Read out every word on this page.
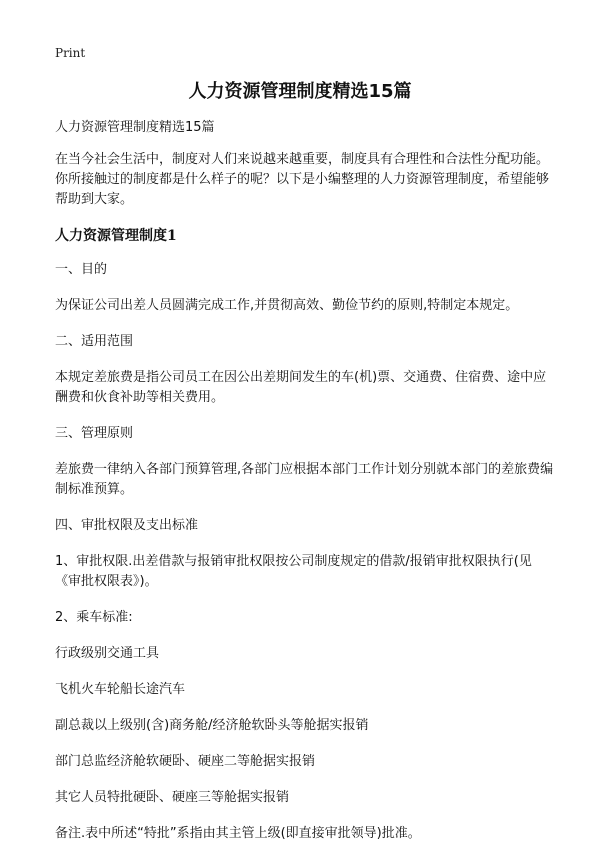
Print
人力资源管理制度精选15篇

人力资源管理制度精选15篇

在当今社会生活中，制度对人们来说越来越重要，制度具有合理性和合法性分配功能。你所接触过的制度都是什么样子的呢？以下是小编整理的人力资源管理制度，希望能够帮助到大家。

人力资源管理制度1

一、目的

为保证公司出差人员圆满完成工作,并贯彻高效、勤俭节约的原则,特制定本规定。

二、适用范围

本规定差旅费是指公司员工在因公出差期间发生的车(机)票、交通费、住宿费、途中应酬费和伙食补助等相关费用。

三、管理原则

差旅费一律纳入各部门预算管理,各部门应根据本部门工作计划分别就本部门的差旅费编制标准预算。

四、审批权限及支出标准

1、审批权限.出差借款与报销审批权限按公司制度规定的借款/报销审批权限执行(见《审批权限表》)。

2、乘车标准:

行政级别交通工具

飞机火车轮船长途汽车

副总裁以上级别(含)商务舱/经济舱软卧头等舱据实报销

部门总监经济舱软硬卧、硬座二等舱据实报销

其它人员特批硬卧、硬座三等舱据实报销

备注.表中所述“特批”系指由其主管上级(即直接审批领导)批准。
